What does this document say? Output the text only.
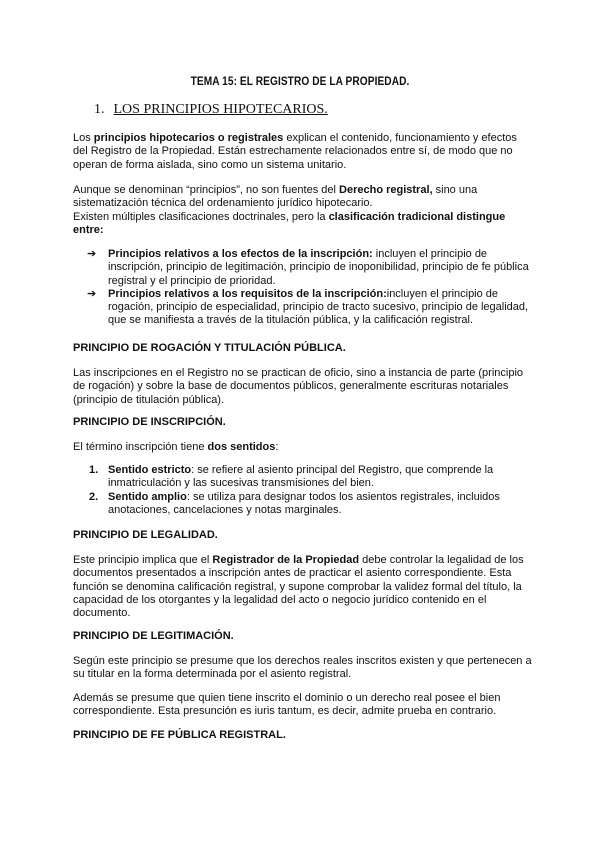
TEMA 15: EL REGISTRO DE LA PROPIEDAD.
1. LOS PRINCIPIOS HIPOTECARIOS.

Los principios hipotecarios o registrales explican el contenido, funcionamiento y efectos del Registro de la Propiedad. Están estrechamente relacionados entre sí, de modo que no operan de forma aislada, sino como un sistema unitario.

Aunque se denominan “principios”, no son fuentes del Derecho registral, sino una sistematización técnica del ordenamiento jurídico hipotecario.

Existen múltiples clasificaciones doctrinales, pero la clasificación tradicional distingue entre:

➔ Principios relativos a los efectos de la inscripción: incluyen el principio de inscripción, principio de legitimación, principio de inoponibilidad, principio de fe pública registral y el principio de prioridad.
➔ Principios relativos a los requisitos de la inscripción:incluyen el principio de rogación, principio de especialidad, principio de tracto sucesivo, principio de legalidad, que se manifiesta a través de la titulación pública, y la calificación registral.
PRINCIPIO DE ROGACIÓN Y TITULACIÓN PÚBLICA.
Las inscripciones en el Registro no se practican de oficio, sino a instancia de parte (principio de rogación) y sobre la base de documentos públicos, generalmente escrituras notariales (principio de titulación pública).
PRINCIPIO DE INSCRIPCIÓN.

El término inscripción tiene dos sentidos:

1. Sentido estricto: se refiere al asiento principal del Registro, que comprende la inmatriculación y las sucesivas transmisiones del bien.
2. Sentido amplio: se utiliza para designar todos los asientos registrales, incluidos anotaciones, cancelaciones y notas marginales.
PRINCIPIO DE LEGALIDAD.

Este principio implica que el Registrador de la Propiedad debe controlar la legalidad de los documentos presentados a inscripción antes de practicar el asiento correspondiente. Esta función se denomina calificación registral, y supone comprobar la validez formal del título, la capacidad de los otorgantes y la legalidad del acto o negocio jurídico contenido en el documento.

PRINCIPIO DE LEGITIMACIÓN.
Según este principio se presume que los derechos reales inscritos existen y que pertenecen a su titular en la forma determinada por el asiento registral.
Además se presume que quien tiene inscrito el dominio o un derecho real posee el bien correspondiente. Esta presunción es iuris tantum, es decir, admite prueba en contrario.
PRINCIPIO DE FE PÚBLICA REGISTRAL.
